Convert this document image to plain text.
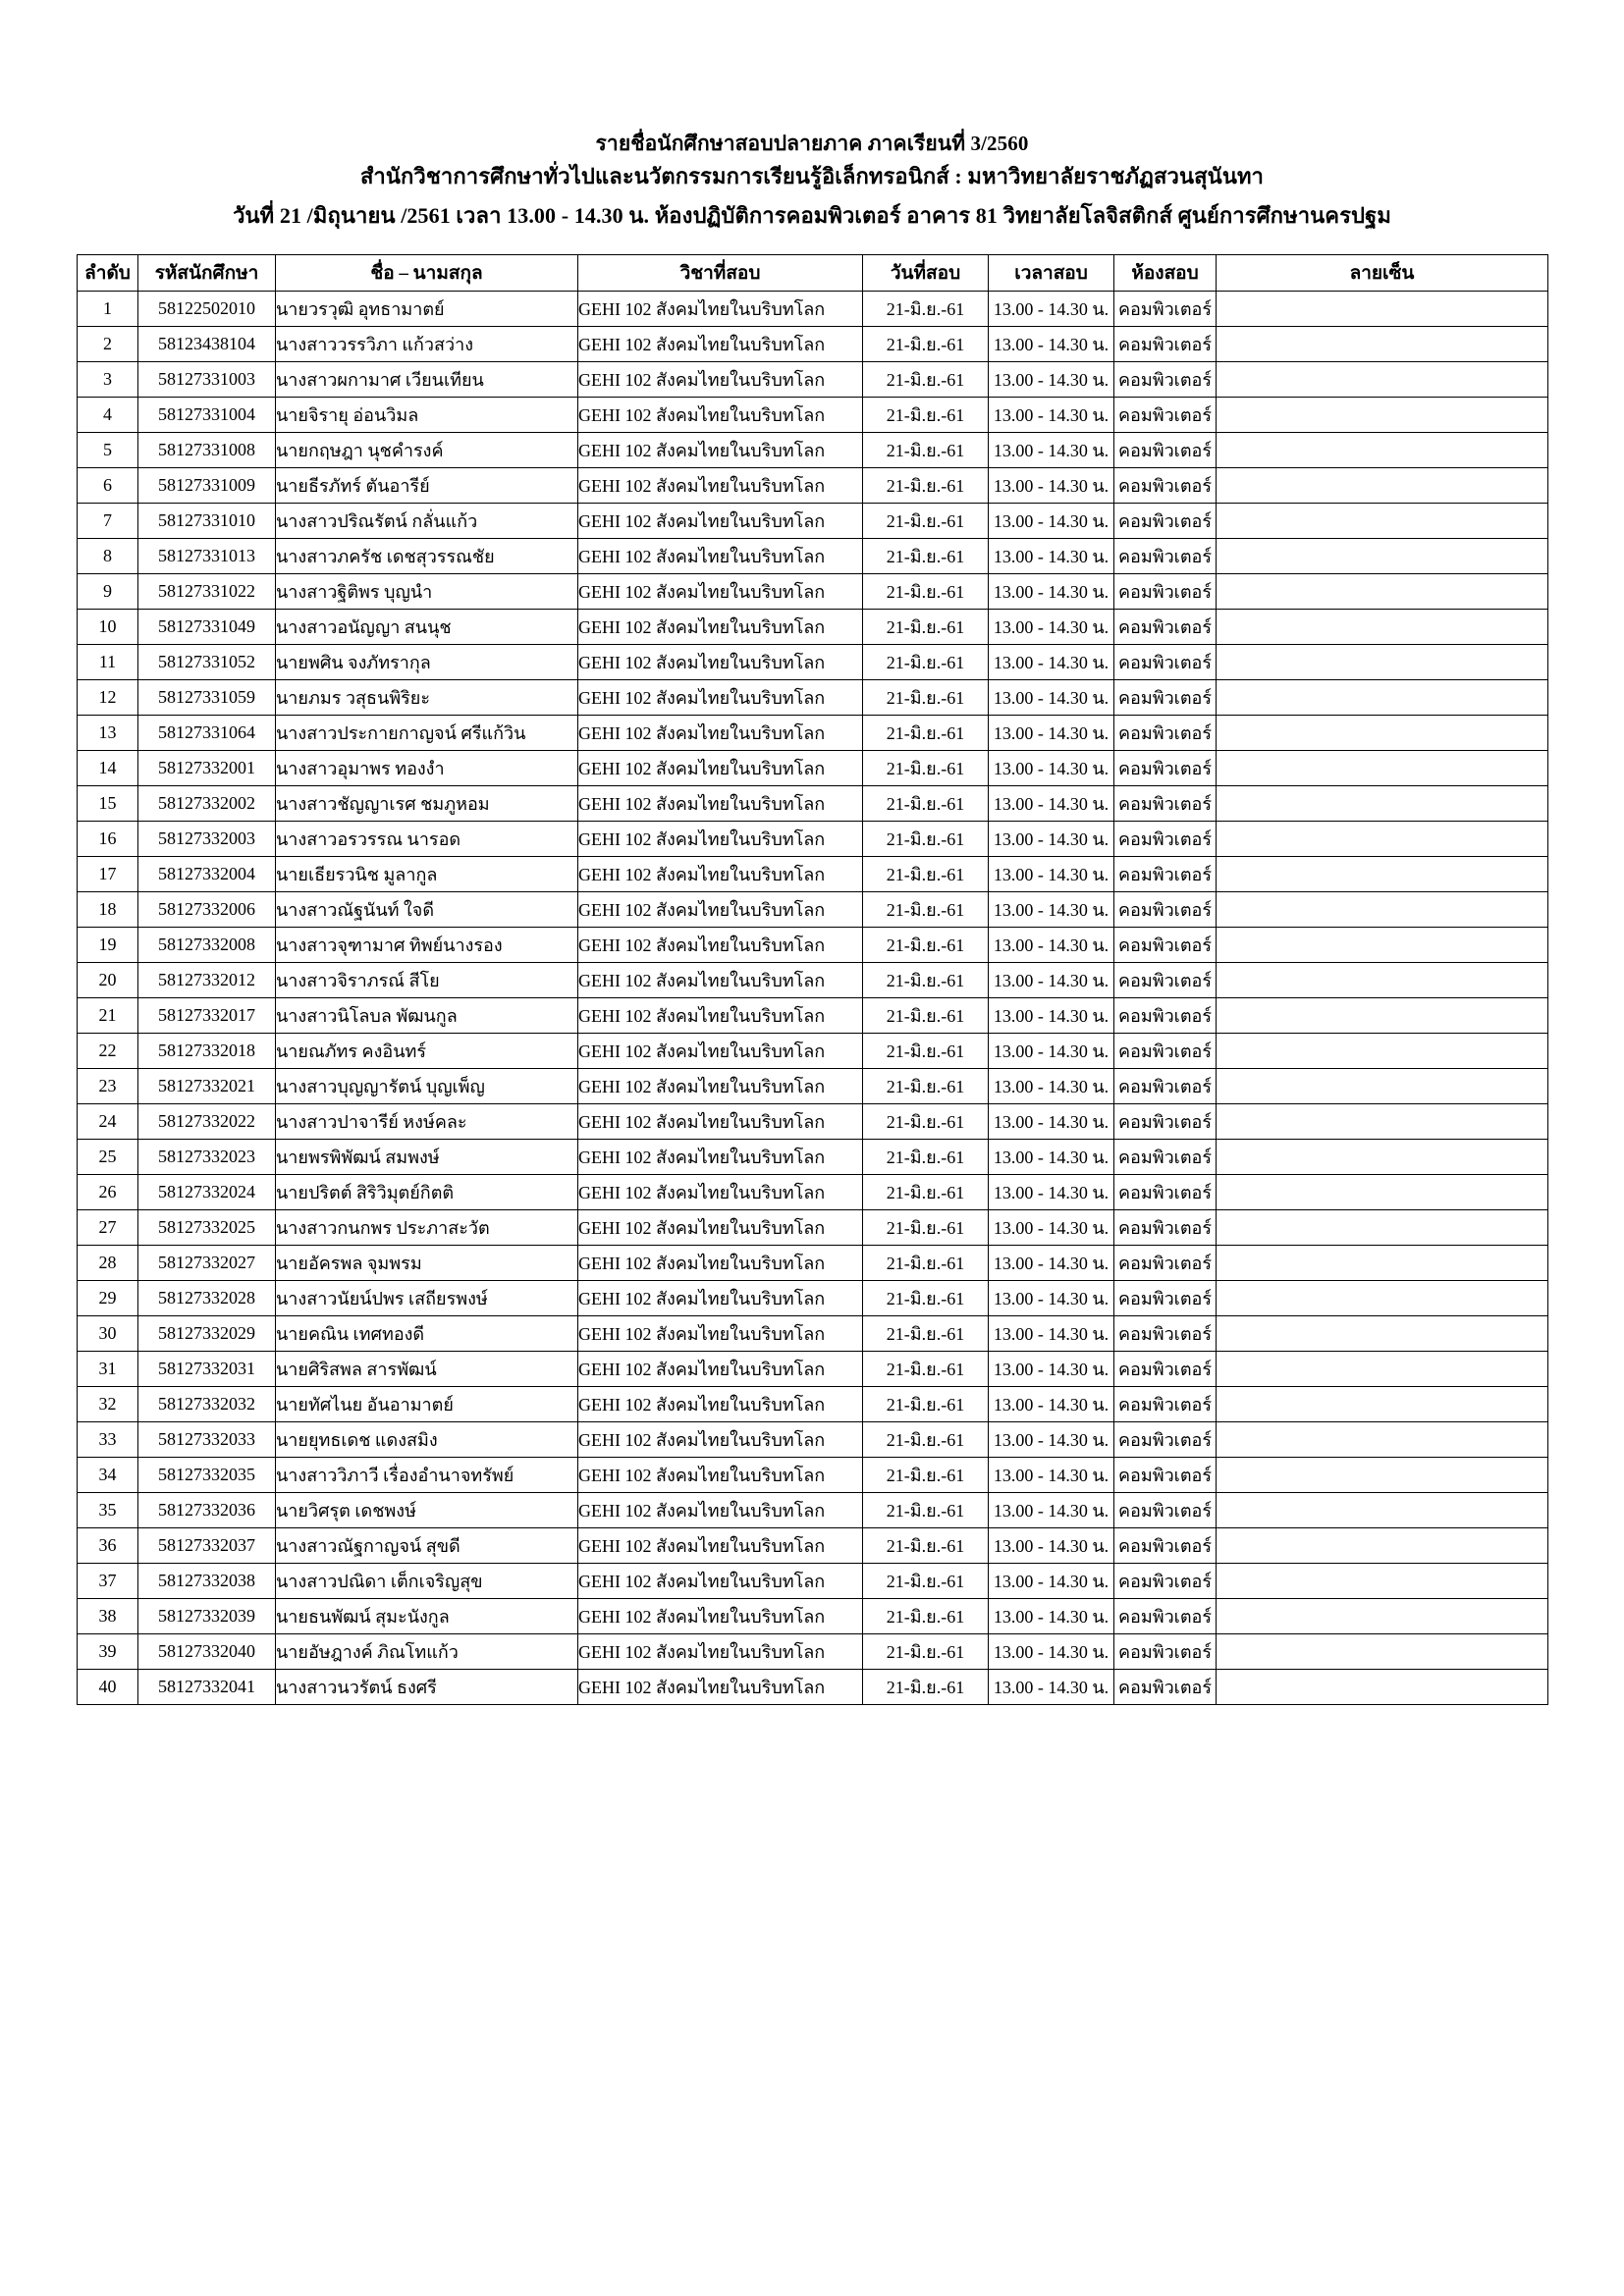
รายชื่อนักศึกษาสอบปลายภาค ภาคเรียนที่ 3/2560
สำนักวิชาการศึกษาทั่วไปและนวัตกรรมการเรียนรู้อิเล็กทรอนิกส์ : มหาวิทยาลัยราชภัฏสวนสุนันทา
วันที่ 21 /มิถุนายน /2561 เวลา 13.00 - 14.30 น. ห้องปฏิบัติการคอมพิวเตอร์ อาคาร 81 วิทยาลัยโลจิสติกส์ ศูนย์การศึกษานครปฐม
ลำดับ	รหัสนักศึกษา	ชื่อ – นามสกุล	วิชาที่สอบ	วันที่สอบ	เวลาสอบ	ห้องสอบ	ลายเซ็น
1	58122502010	นายวรวุฒิ อุทธามาตย์	GEHI 102 สังคมไทยในบริบทโลก	21-มิ.ย.-61	13.00 - 14.30 น.	คอมพิวเตอร์	
2	58123438104	นางสาววรรวิภา แก้วสว่าง	GEHI 102 สังคมไทยในบริบทโลก	21-มิ.ย.-61	13.00 - 14.30 น.	คอมพิวเตอร์	
3	58127331003	นางสาวผกามาศ เวียนเทียน	GEHI 102 สังคมไทยในบริบทโลก	21-มิ.ย.-61	13.00 - 14.30 น.	คอมพิวเตอร์	
4	58127331004	นายจิรายุ อ่อนวิมล	GEHI 102 สังคมไทยในบริบทโลก	21-มิ.ย.-61	13.00 - 14.30 น.	คอมพิวเตอร์	
5	58127331008	นายกฤษฎา นุชคำรงค์	GEHI 102 สังคมไทยในบริบทโลก	21-มิ.ย.-61	13.00 - 14.30 น.	คอมพิวเตอร์	
6	58127331009	นายธีรภัทร์ ตันอารีย์	GEHI 102 สังคมไทยในบริบทโลก	21-มิ.ย.-61	13.00 - 14.30 น.	คอมพิวเตอร์	
7	58127331010	นางสาวปริณรัตน์ กลั่นแก้ว	GEHI 102 สังคมไทยในบริบทโลก	21-มิ.ย.-61	13.00 - 14.30 น.	คอมพิวเตอร์	
8	58127331013	นางสาวภครัช เดชสุวรรณชัย	GEHI 102 สังคมไทยในบริบทโลก	21-มิ.ย.-61	13.00 - 14.30 น.	คอมพิวเตอร์	
9	58127331022	นางสาวฐิติพร บุญนำ	GEHI 102 สังคมไทยในบริบทโลก	21-มิ.ย.-61	13.00 - 14.30 น.	คอมพิวเตอร์	
10	58127331049	นางสาวอนัญญา สนนุช	GEHI 102 สังคมไทยในบริบทโลก	21-มิ.ย.-61	13.00 - 14.30 น.	คอมพิวเตอร์	
11	58127331052	นายพศิน จงภัทรากุล	GEHI 102 สังคมไทยในบริบทโลก	21-มิ.ย.-61	13.00 - 14.30 น.	คอมพิวเตอร์	
12	58127331059	นายภมร วสุธนพิริยะ	GEHI 102 สังคมไทยในบริบทโลก	21-มิ.ย.-61	13.00 - 14.30 น.	คอมพิวเตอร์	
13	58127331064	นางสาวประกายกาญจน์ ศรีแก้วิน	GEHI 102 สังคมไทยในบริบทโลก	21-มิ.ย.-61	13.00 - 14.30 น.	คอมพิวเตอร์	
14	58127332001	นางสาวอุมาพร ทองงำ	GEHI 102 สังคมไทยในบริบทโลก	21-มิ.ย.-61	13.00 - 14.30 น.	คอมพิวเตอร์	
15	58127332002	นางสาวชัญญาเรศ ชมภูหอม	GEHI 102 สังคมไทยในบริบทโลก	21-มิ.ย.-61	13.00 - 14.30 น.	คอมพิวเตอร์	
16	58127332003	นางสาวอรวรรณ นารอด	GEHI 102 สังคมไทยในบริบทโลก	21-มิ.ย.-61	13.00 - 14.30 น.	คอมพิวเตอร์	
17	58127332004	นายเธียรวนิช มูลากูล	GEHI 102 สังคมไทยในบริบทโลก	21-มิ.ย.-61	13.00 - 14.30 น.	คอมพิวเตอร์	
18	58127332006	นางสาวณัฐนันท์ ใจดี	GEHI 102 สังคมไทยในบริบทโลก	21-มิ.ย.-61	13.00 - 14.30 น.	คอมพิวเตอร์	
19	58127332008	นางสาวจุฑามาศ ทิพย์นางรอง	GEHI 102 สังคมไทยในบริบทโลก	21-มิ.ย.-61	13.00 - 14.30 น.	คอมพิวเตอร์	
20	58127332012	นางสาวจิราภรณ์ สีโย	GEHI 102 สังคมไทยในบริบทโลก	21-มิ.ย.-61	13.00 - 14.30 น.	คอมพิวเตอร์	
21	58127332017	นางสาวนิโลบล พัฒนกูล	GEHI 102 สังคมไทยในบริบทโลก	21-มิ.ย.-61	13.00 - 14.30 น.	คอมพิวเตอร์	
22	58127332018	นายณภัทร คงอินทร์	GEHI 102 สังคมไทยในบริบทโลก	21-มิ.ย.-61	13.00 - 14.30 น.	คอมพิวเตอร์	
23	58127332021	นางสาวบุญญารัตน์ บุญเพ็ญ	GEHI 102 สังคมไทยในบริบทโลก	21-มิ.ย.-61	13.00 - 14.30 น.	คอมพิวเตอร์	
24	58127332022	นางสาวปาจารีย์ หงษ์คละ	GEHI 102 สังคมไทยในบริบทโลก	21-มิ.ย.-61	13.00 - 14.30 น.	คอมพิวเตอร์	
25	58127332023	นายพรพิพัฒน์ สมพงษ์	GEHI 102 สังคมไทยในบริบทโลก	21-มิ.ย.-61	13.00 - 14.30 น.	คอมพิวเตอร์	
26	58127332024	นายปริตต์ สิริวิมุตย์กิตติ	GEHI 102 สังคมไทยในบริบทโลก	21-มิ.ย.-61	13.00 - 14.30 น.	คอมพิวเตอร์	
27	58127332025	นางสาวกนกพร ประภาสะวัต	GEHI 102 สังคมไทยในบริบทโลก	21-มิ.ย.-61	13.00 - 14.30 น.	คอมพิวเตอร์	
28	58127332027	นายอัครพล จุมพรม	GEHI 102 สังคมไทยในบริบทโลก	21-มิ.ย.-61	13.00 - 14.30 น.	คอมพิวเตอร์	
29	58127332028	นางสาวนัยน์ปพร เสถียรพงษ์	GEHI 102 สังคมไทยในบริบทโลก	21-มิ.ย.-61	13.00 - 14.30 น.	คอมพิวเตอร์	
30	58127332029	นายคณิน เทศทองดี	GEHI 102 สังคมไทยในบริบทโลก	21-มิ.ย.-61	13.00 - 14.30 น.	คอมพิวเตอร์	
31	58127332031	นายศิริสพล สารพัฒน์	GEHI 102 สังคมไทยในบริบทโลก	21-มิ.ย.-61	13.00 - 14.30 น.	คอมพิวเตอร์	
32	58127332032	นายทัศไนย อันอามาตย์	GEHI 102 สังคมไทยในบริบทโลก	21-มิ.ย.-61	13.00 - 14.30 น.	คอมพิวเตอร์	
33	58127332033	นายยุทธเดช แดงสมิง	GEHI 102 สังคมไทยในบริบทโลก	21-มิ.ย.-61	13.00 - 14.30 น.	คอมพิวเตอร์	
34	58127332035	นางสาววิภาวี เรื่องอำนาจทรัพย์	GEHI 102 สังคมไทยในบริบทโลก	21-มิ.ย.-61	13.00 - 14.30 น.	คอมพิวเตอร์	
35	58127332036	นายวิศรุต เดชพงษ์	GEHI 102 สังคมไทยในบริบทโลก	21-มิ.ย.-61	13.00 - 14.30 น.	คอมพิวเตอร์	
36	58127332037	นางสาวณัฐกาญจน์ สุขดี	GEHI 102 สังคมไทยในบริบทโลก	21-มิ.ย.-61	13.00 - 14.30 น.	คอมพิวเตอร์	
37	58127332038	นางสาวปณิดา เต็กเจริญสุข	GEHI 102 สังคมไทยในบริบทโลก	21-มิ.ย.-61	13.00 - 14.30 น.	คอมพิวเตอร์	
38	58127332039	นายธนพัฒน์ สุมะนังกูล	GEHI 102 สังคมไทยในบริบทโลก	21-มิ.ย.-61	13.00 - 14.30 น.	คอมพิวเตอร์	
39	58127332040	นายอัษฎางค์ ภิณโทแก้ว	GEHI 102 สังคมไทยในบริบทโลก	21-มิ.ย.-61	13.00 - 14.30 น.	คอมพิวเตอร์	
40	58127332041	นางสาวนวรัตน์ ธงศรี	GEHI 102 สังคมไทยในบริบทโลก	21-มิ.ย.-61	13.00 - 14.30 น.	คอมพิวเตอร์	
